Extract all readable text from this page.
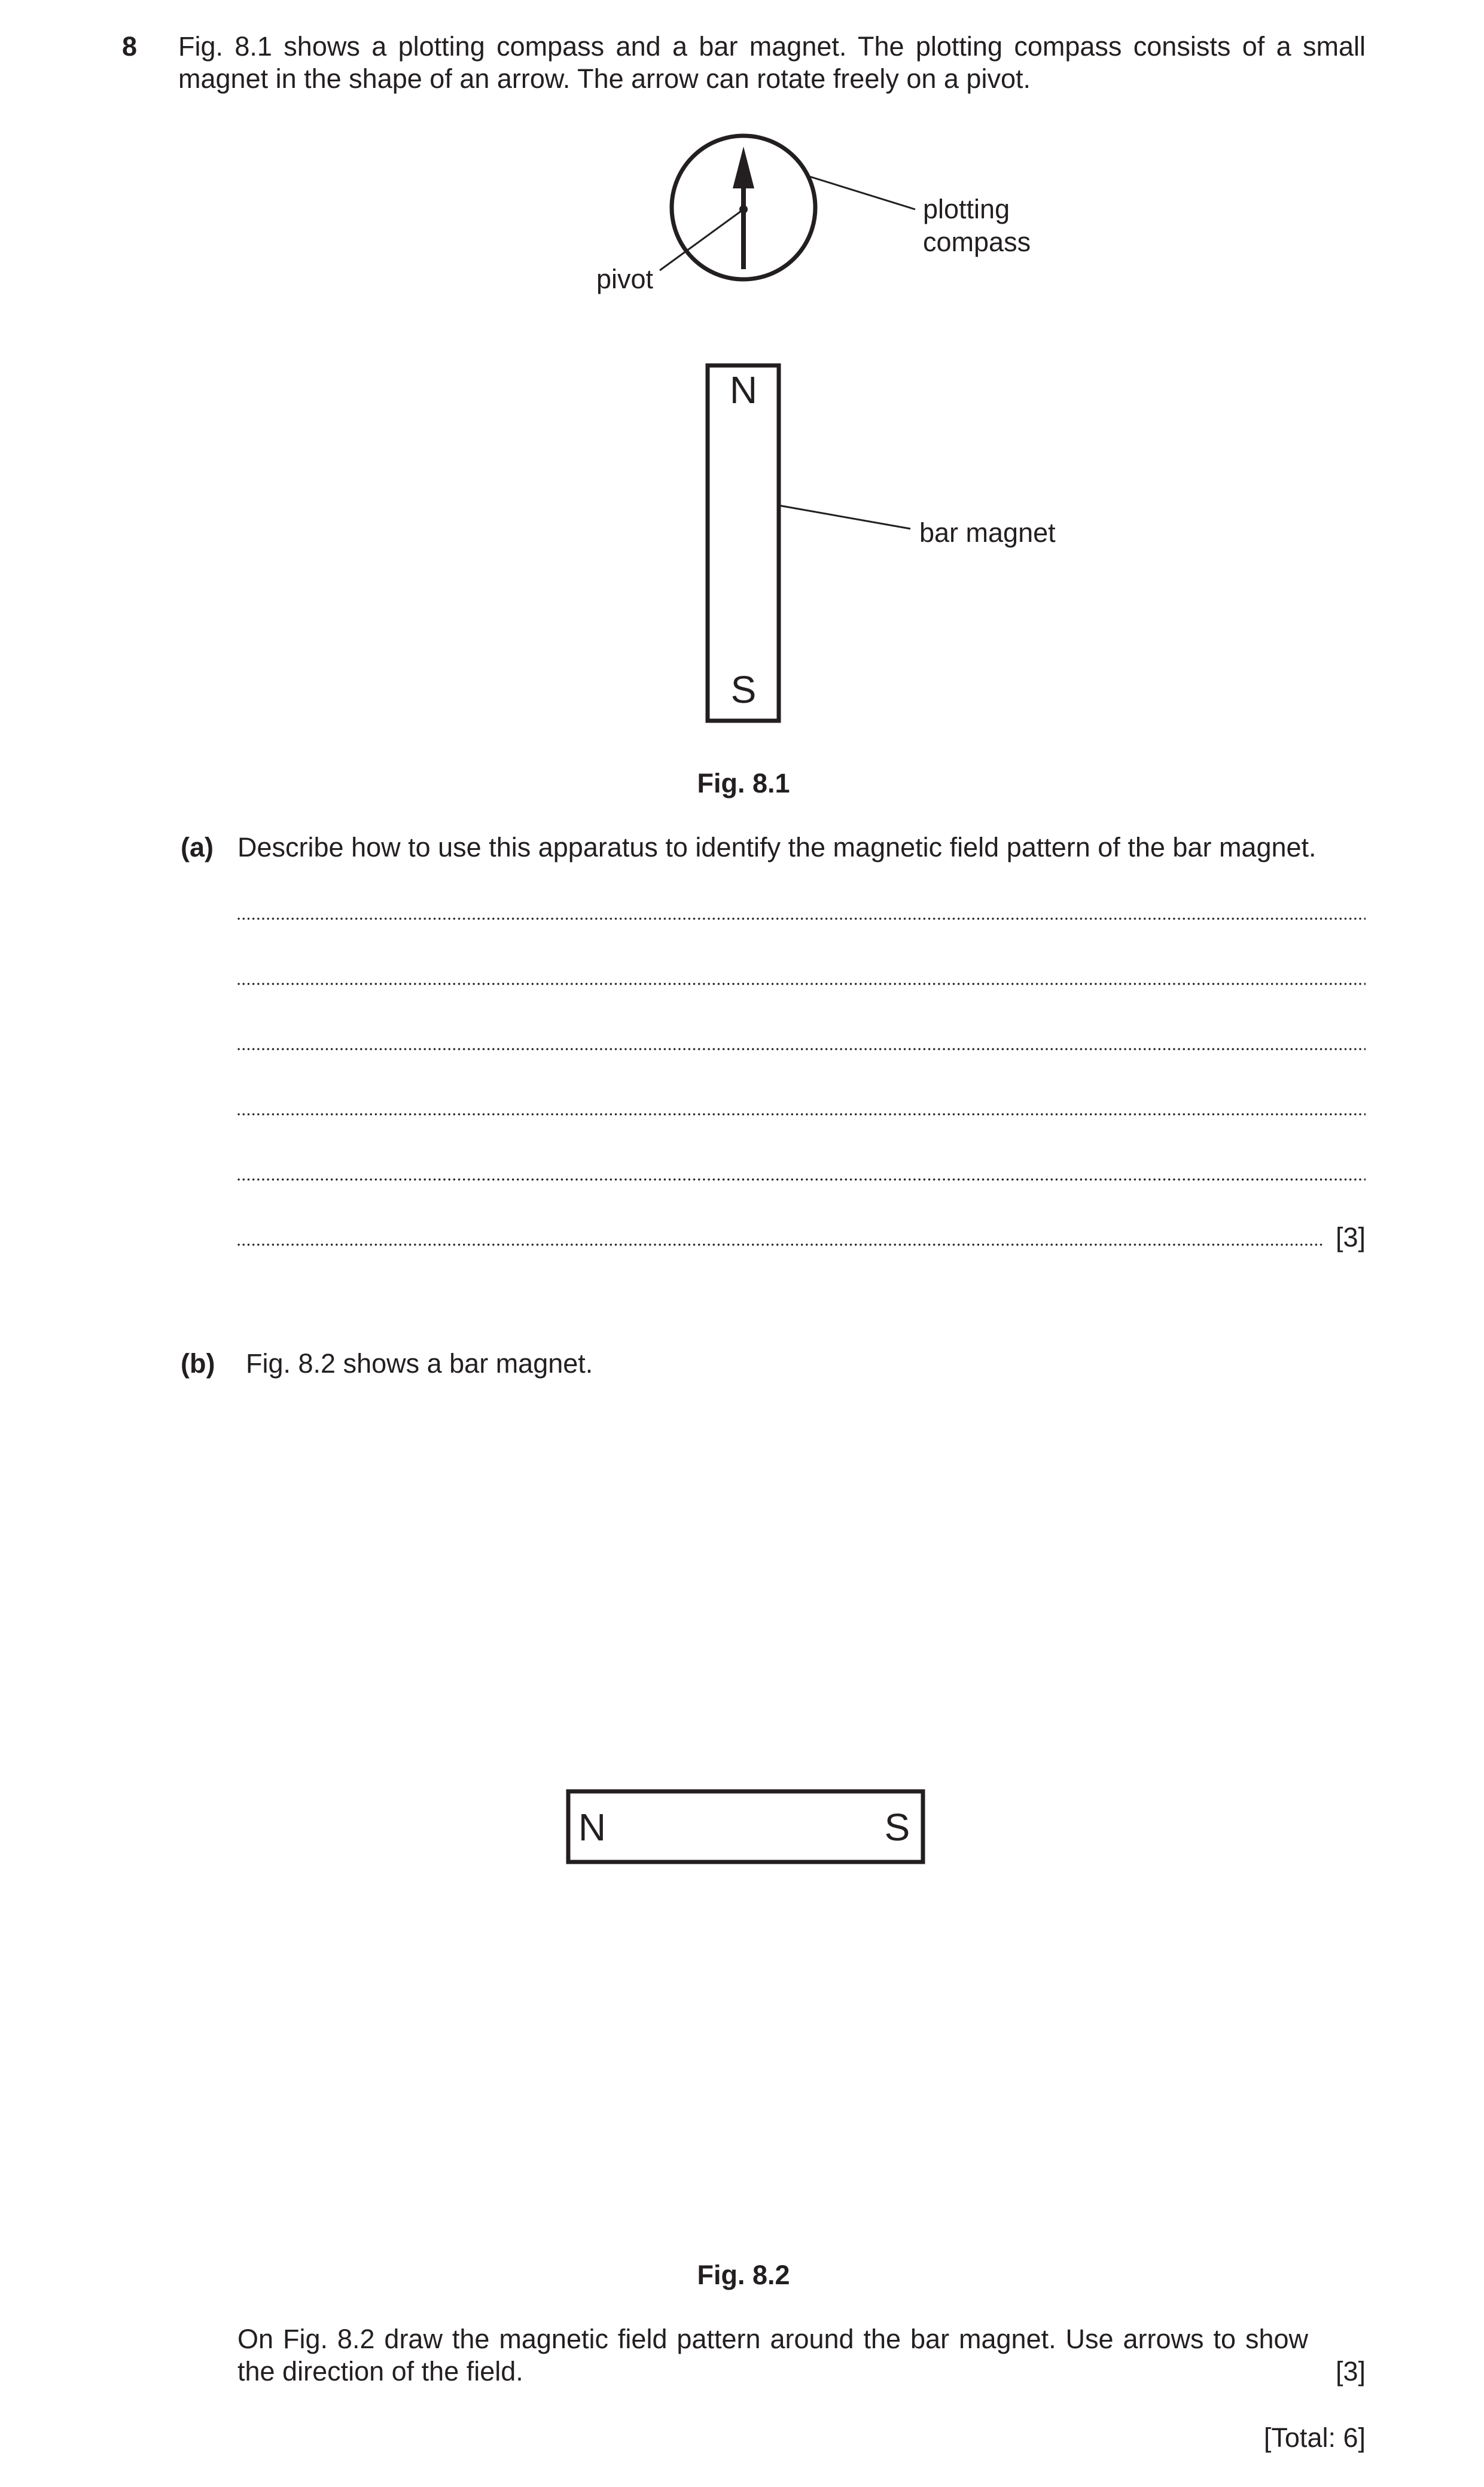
8 Fig. 8.1 shows a plotting compass and a bar magnet. The plotting compass consists of a small magnet in the shape of an arrow. The arrow can rotate freely on a pivot.
plotting
compass
pivot
N
S
bar magnet
Fig. 8.1
(a) Describe how to use this apparatus to identify the magnetic field pattern of the bar magnet.
[3]
(b) Fig. 8.2 shows a bar magnet.
N	S
Fig. 8.2
On Fig. 8.2 draw the magnetic field pattern around the bar magnet. Use arrows to show the direction of the field.	[3]
[Total: 6]
